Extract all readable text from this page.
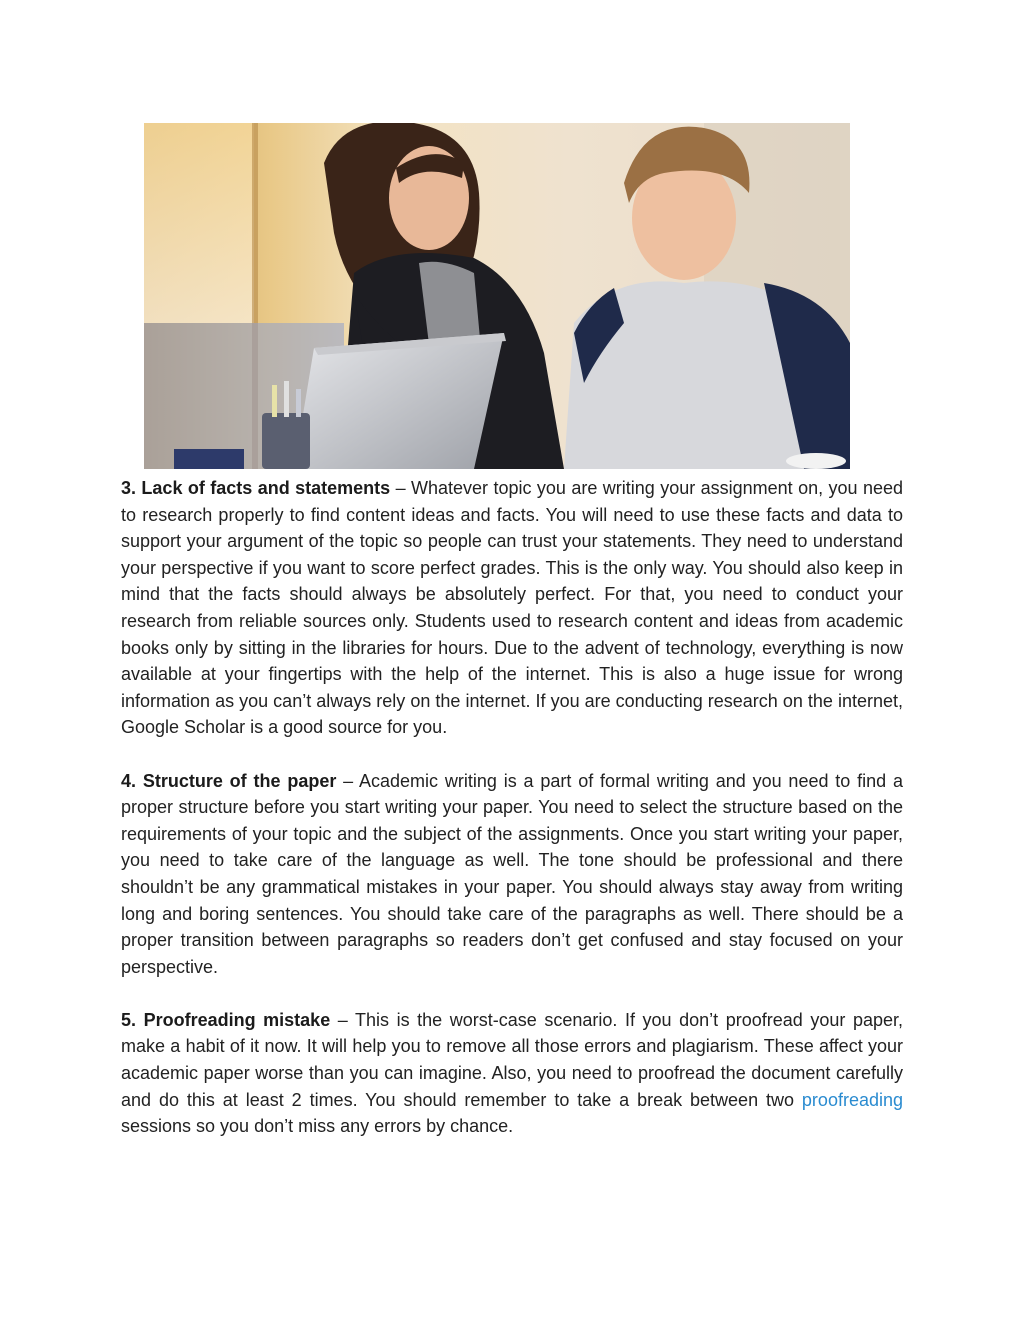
3. Lack of facts and statements – Whatever topic you are writing your assignment on, you need to research properly to find content ideas and facts. You will need to use these facts and data to support your argument of the topic so people can trust your statements. They need to understand your perspective if you want to score perfect grades. This is the only way. You should also keep in mind that the facts should always be absolutely perfect. For that, you need to conduct your research from reliable sources only. Students used to research content and ideas from academic books only by sitting in the libraries for hours. Due to the advent of technology, everything is now available at your fingertips with the help of the internet. This is also a huge issue for wrong information as you can’t always rely on the internet. If you are conducting research on the internet, Google Scholar is a good source for you.

4. Structure of the paper – Academic writing is a part of formal writing and you need to find a proper structure before you start writing your paper. You need to select the structure based on the requirements of your topic and the subject of the assignments. Once you start writing your paper, you need to take care of the language as well. The tone should be professional and there shouldn’t be any grammatical mistakes in your paper. You should always stay away from writing long and boring sentences. You should take care of the paragraphs as well. There should be a proper transition between paragraphs so readers don’t get confused and stay focused on your perspective.

5. Proofreading mistake – This is the worst-case scenario. If you don’t proofread your paper, make a habit of it now. It will help you to remove all those errors and plagiarism. These affect your academic paper worse than you can imagine. Also, you need to proofread the document carefully and do this at least 2 times. You should remember to take a break between two proofreading sessions so you don’t miss any errors by chance.
